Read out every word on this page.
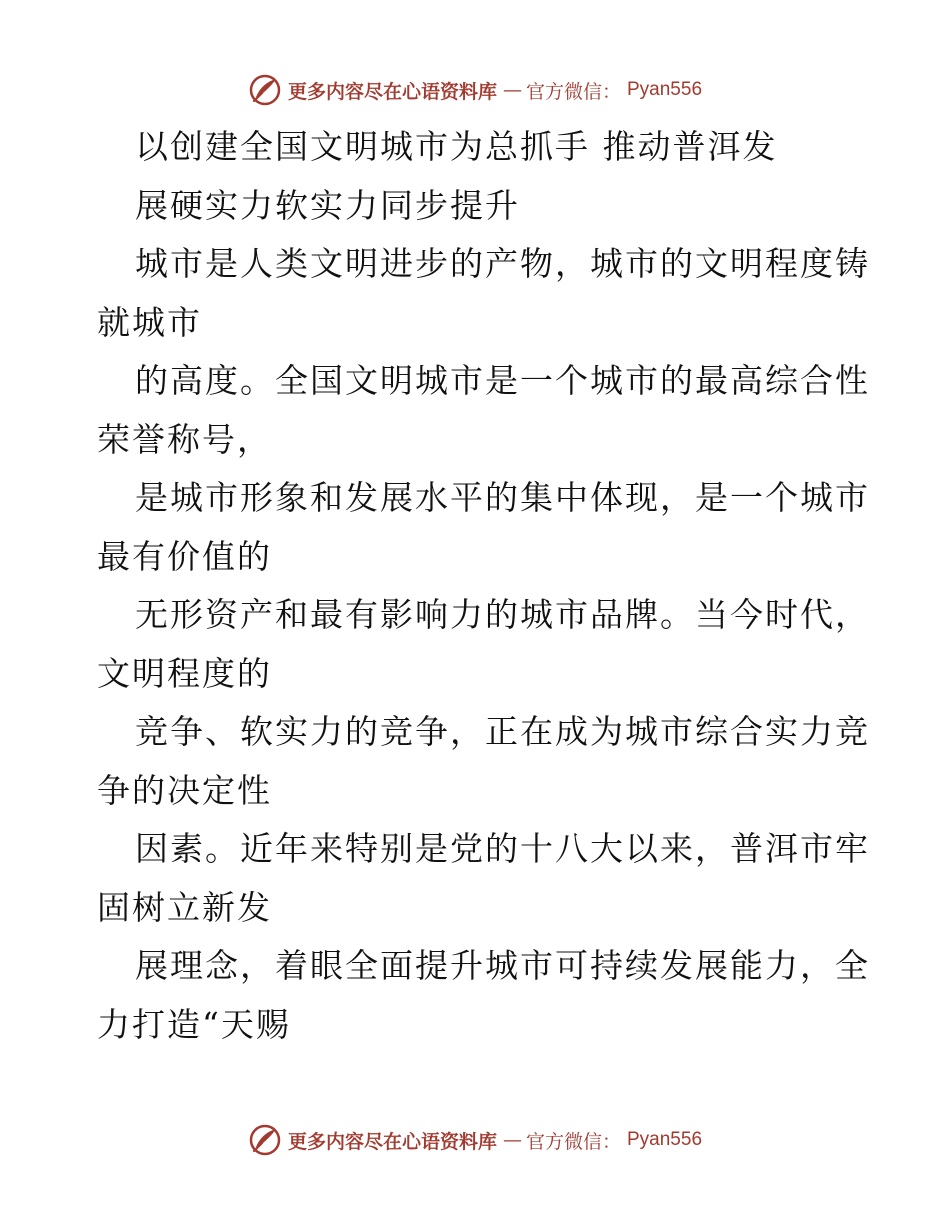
更多内容尽在心语资料库 — 官方微信： Pyan556
以创建全国文明城市为总抓手 推动普洱发
展硬实力软实力同步提升
城市是人类文明进步的产物，城市的文明程度铸
就城市
的高度。全国文明城市是一个城市的最高综合性
荣誉称号，
是城市形象和发展水平的集中体现，是一个城市
最有价值的
无形资产和最有影响力的城市品牌。当今时代，
文明程度的
竞争、软实力的竞争，正在成为城市综合实力竞
争的决定性
因素。近年来特别是党的十八大以来，普洱市牢
固树立新发
展理念，着眼全面提升城市可持续发展能力，全
力打造“天赐
更多内容尽在心语资料库 — 官方微信： Pyan556
